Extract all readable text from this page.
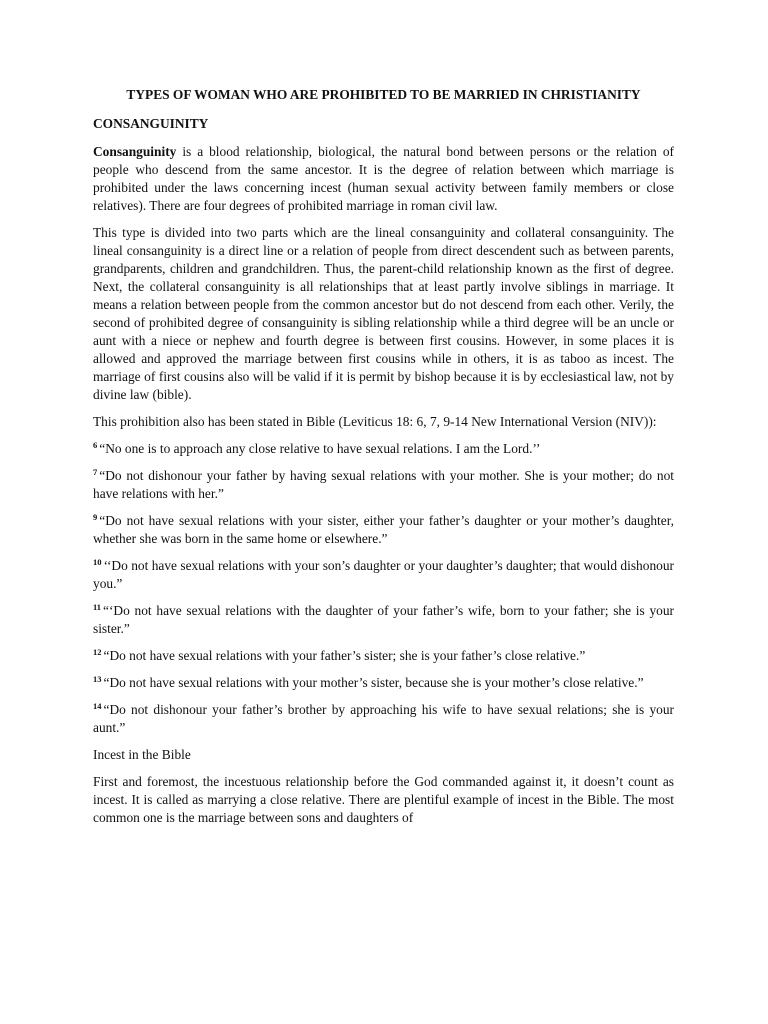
TYPES OF WOMAN WHO ARE PROHIBITED TO BE MARRIED IN CHRISTIANITY
CONSANGUINITY

Consanguinity is a blood relationship, biological, the natural bond between persons or the relation of people who descend from the same ancestor. It is the degree of relation between which marriage is prohibited under the laws concerning incest (human sexual activity between family members or close relatives). There are four degrees of prohibited marriage in roman civil law.

This type is divided into two parts which are the lineal consanguinity and collateral consanguinity. The lineal consanguinity is a direct line or a relation of people from direct descendent such as between parents, grandparents, children and grandchildren. Thus, the parent-child relationship known as the first of degree. Next, the collateral consanguinity is all relationships that at least partly involve siblings in marriage. It means a relation between people from the common ancestor but do not descend from each other. Verily, the second of prohibited degree of consanguinity is sibling relationship while a third degree will be an uncle or aunt with a niece or nephew and fourth degree is between first cousins. However, in some places it is allowed and approved the marriage between first cousins while in others, it is as taboo as incest. The marriage of first cousins also will be valid if it is permit by bishop because it is by ecclesiastical law, not by divine law (bible).

This prohibition also has been stated in Bible (Leviticus 18: 6, 7, 9-14 New International Version (NIV)):

$^6$ “No one is to approach any close relative to have sexual relations. I am the Lord.’’

$^7$ “Do not dishonour your father by having sexual relations with your mother. She is your mother; do not have relations with her.”

$^9$ “Do not have sexual relations with your sister, either your father’s daughter or your mother’s daughter, whether she was born in the same home or elsewhere.”

$^{10}$ ‘‘Do not have sexual relations with your son’s daughter or your daughter’s daughter; that would dishonour you.”

$^{11}$ “‘Do not have sexual relations with the daughter of your father’s wife, born to your father; she is your sister.”

$^{12}$ “Do not have sexual relations with your father’s sister; she is your father’s close relative.”

$^{13}$ “Do not have sexual relations with your mother’s sister, because she is your mother’s close relative.”

$^{14}$ “Do not dishonour your father’s brother by approaching his wife to have sexual relations; she is your aunt.”

Incest in the Bible

First and foremost, the incestuous relationship before the God commanded against it, it doesn’t count as incest. It is called as marrying a close relative. There are plentiful example of incest in the Bible. The most common one is the marriage between sons and daughters of
